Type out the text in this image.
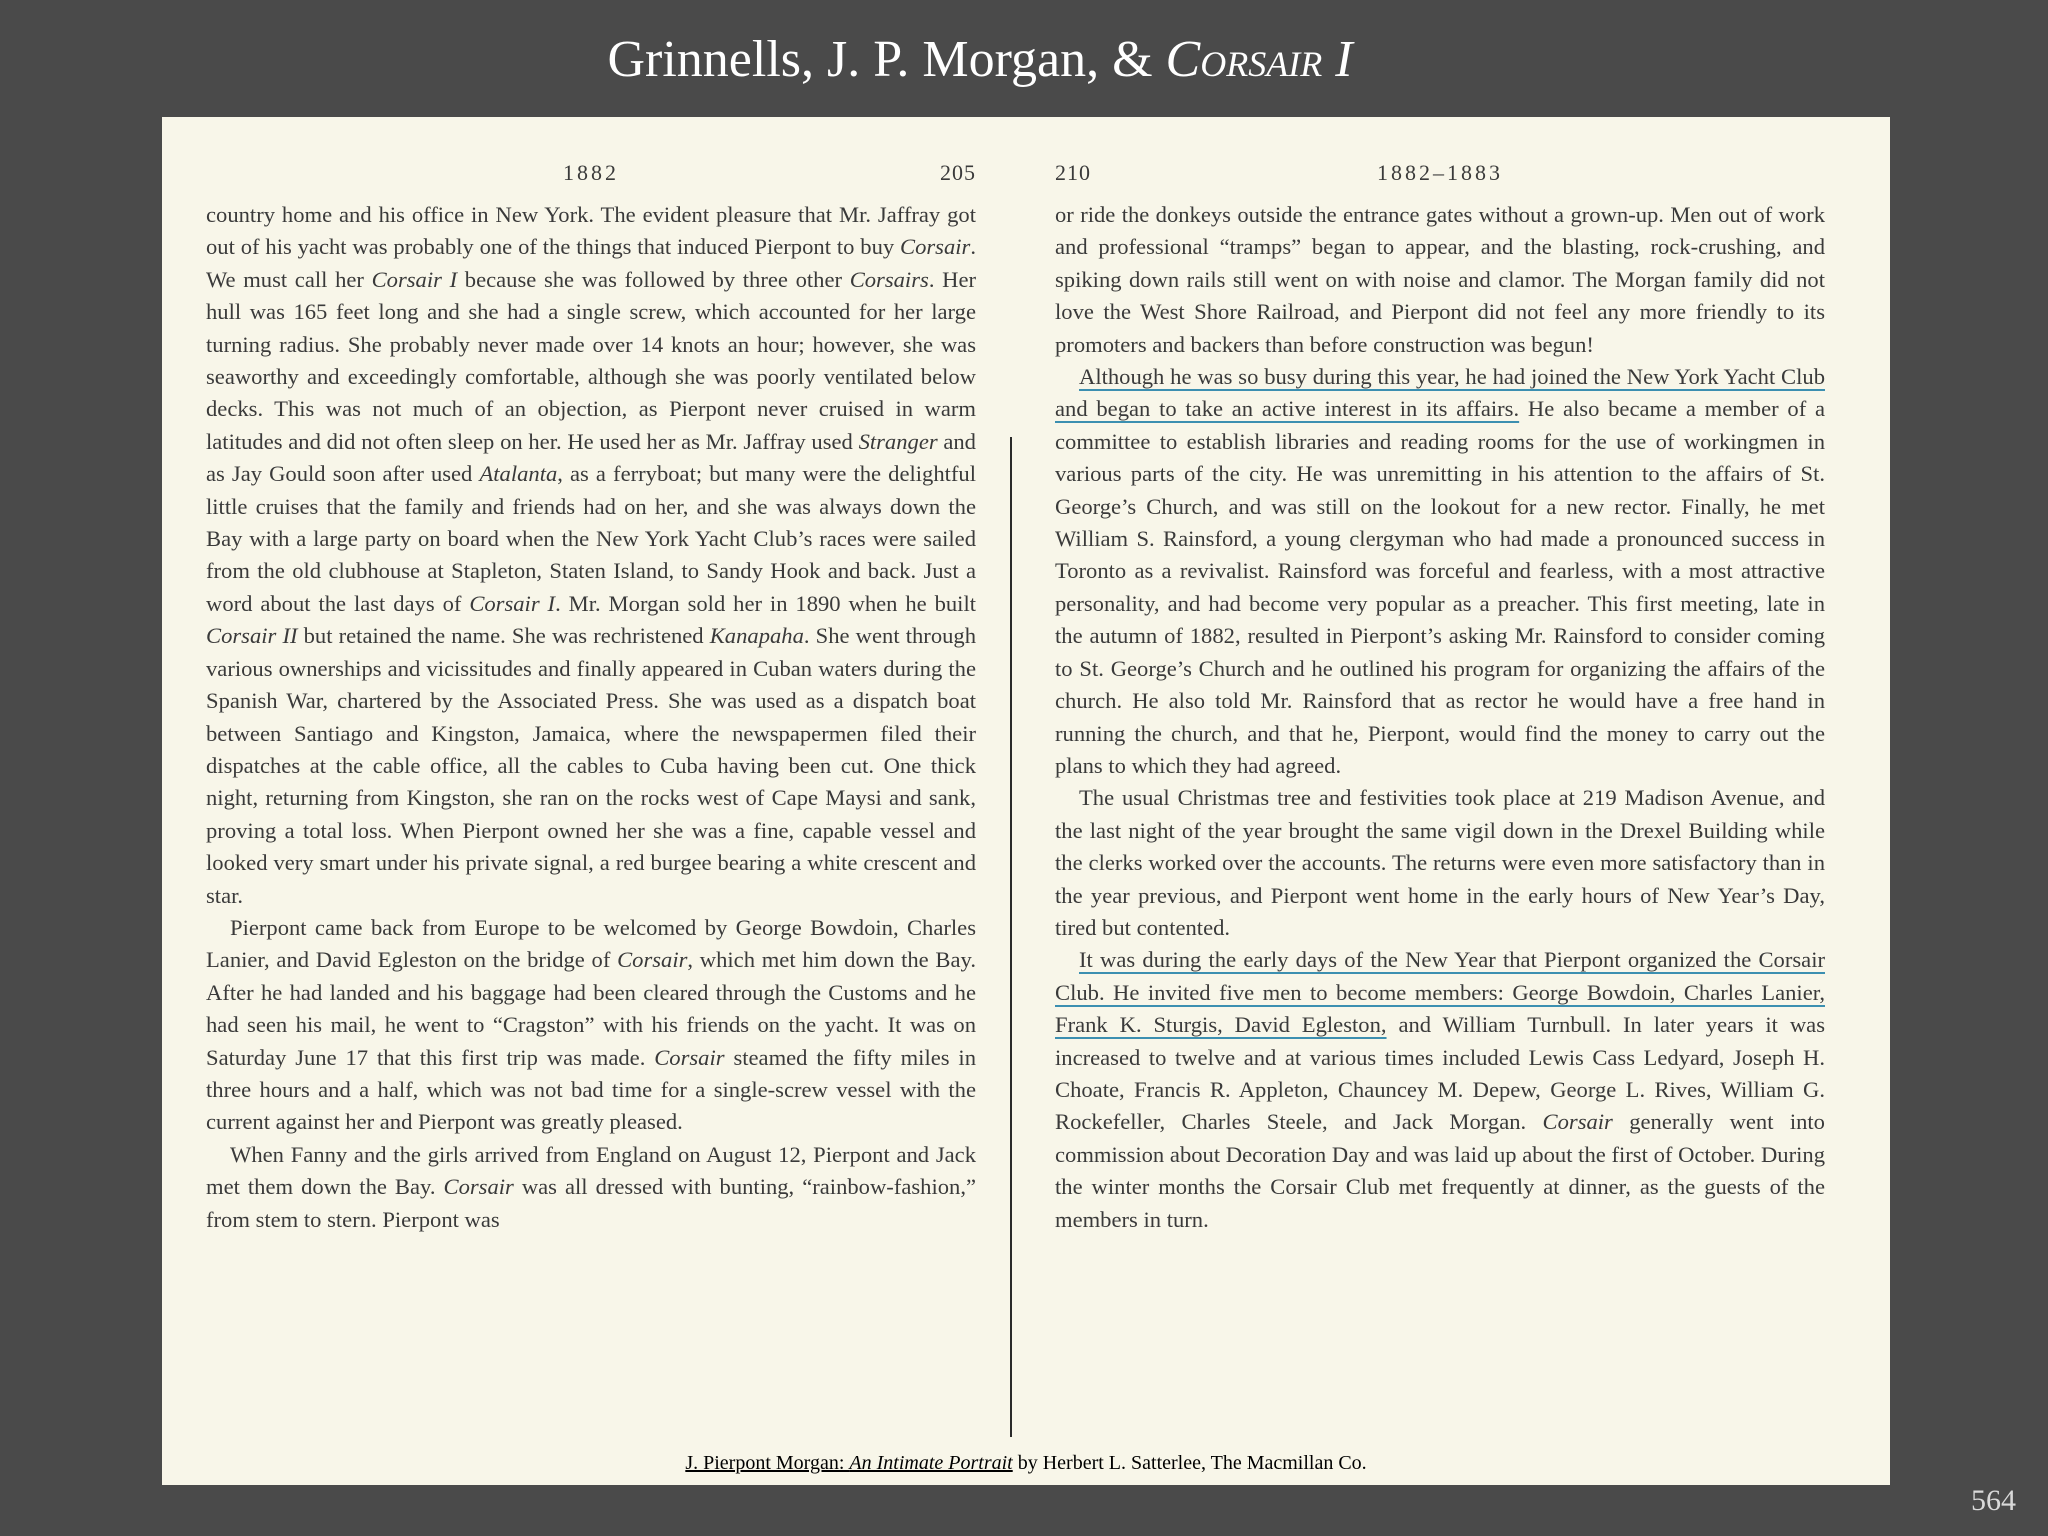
Grinnells, J. P. Morgan, & Corsair I
1882	205

country home and his office in New York. The evident pleasure that Mr. Jaffray got out of his yacht was probably one of the things that induced Pierpont to buy Corsair. We must call her Corsair I because she was followed by three other Corsairs. Her hull was 165 feet long and she had a single screw, which accounted for her large turning radius. She probably never made over 14 knots an hour; however, she was seaworthy and exceedingly comfortable, although she was poorly ventilated below decks. This was not much of an objection, as Pierpont never cruised in warm latitudes and did not often sleep on her. He used her as Mr. Jaffray used Stranger and as Jay Gould soon after used Atalanta, as a ferryboat; but many were the delightful little cruises that the family and friends had on her, and she was always down the Bay with a large party on board when the New York Yacht Club’s races were sailed from the old clubhouse at Stapleton, Staten Island, to Sandy Hook and back. Just a word about the last days of Corsair I. Mr. Morgan sold her in 1890 when he built Corsair II but retained the name. She was rechristened Kanapaha. She went through various ownerships and vicissitudes and finally appeared in Cuban waters during the Spanish War, chartered by the Associated Press. She was used as a dispatch boat between Santiago and Kingston, Jamaica, where the newspapermen filed their dispatches at the cable office, all the cables to Cuba having been cut. One thick night, returning from Kingston, she ran on the rocks west of Cape Maysi and sank, proving a total loss. When Pierpont owned her she was a fine, capable vessel and looked very smart under his private signal, a red burgee bearing a white crescent and star.

Pierpont came back from Europe to be welcomed by George Bowdoin, Charles Lanier, and David Egleston on the bridge of Corsair, which met him down the Bay. After he had landed and his baggage had been cleared through the Customs and he had seen his mail, he went to “Cragston” with his friends on the yacht. It was on Saturday June 17 that this first trip was made. Corsair steamed the fifty miles in three hours and a half, which was not bad time for a single-screw vessel with the current against her and Pierpont was greatly pleased.

When Fanny and the girls arrived from England on August 12, Pierpont and Jack met them down the Bay. Corsair was all dressed with bunting, “rainbow-fashion,” from stem to stern. Pierpont was

210	1882–1883

or ride the donkeys outside the entrance gates without a grown-up. Men out of work and professional “tramps” began to appear, and the blasting, rock-crushing, and spiking down rails still went on with noise and clamor. The Morgan family did not love the West Shore Railroad, and Pierpont did not feel any more friendly to its promoters and backers than before construction was begun!

Although he was so busy during this year, he had joined the New York Yacht Club and began to take an active interest in its affairs. He also became a member of a committee to establish libraries and reading rooms for the use of workingmen in various parts of the city. He was unremitting in his attention to the affairs of St. George’s Church, and was still on the lookout for a new rector. Finally, he met William S. Rainsford, a young clergyman who had made a pronounced success in Toronto as a revivalist. Rainsford was forceful and fearless, with a most attractive personality, and had become very popular as a preacher. This first meeting, late in the autumn of 1882, resulted in Pierpont’s asking Mr. Rainsford to consider coming to St. George’s Church and he outlined his program for organizing the affairs of the church. He also told Mr. Rainsford that as rector he would have a free hand in running the church, and that he, Pierpont, would find the money to carry out the plans to which they had agreed.

The usual Christmas tree and festivities took place at 219 Madison Avenue, and the last night of the year brought the same vigil down in the Drexel Building while the clerks worked over the accounts. The returns were even more satisfactory than in the year previous, and Pierpont went home in the early hours of New Year’s Day, tired but contented.

It was during the early days of the New Year that Pierpont organized the Corsair Club. He invited five men to become members: George Bowdoin, Charles Lanier, Frank K. Sturgis, David Egleston, and William Turnbull. In later years it was increased to twelve and at various times included Lewis Cass Ledyard, Joseph H. Choate, Francis R. Appleton, Chauncey M. Depew, George L. Rives, William G. Rockefeller, Charles Steele, and Jack Morgan. Corsair generally went into commission about Decoration Day and was laid up about the first of October. During the winter months the Corsair Club met frequently at dinner, as the guests of the members in turn.

J. Pierpont Morgan: An Intimate Portrait by Herbert L. Satterlee, The Macmillan Co.
564
